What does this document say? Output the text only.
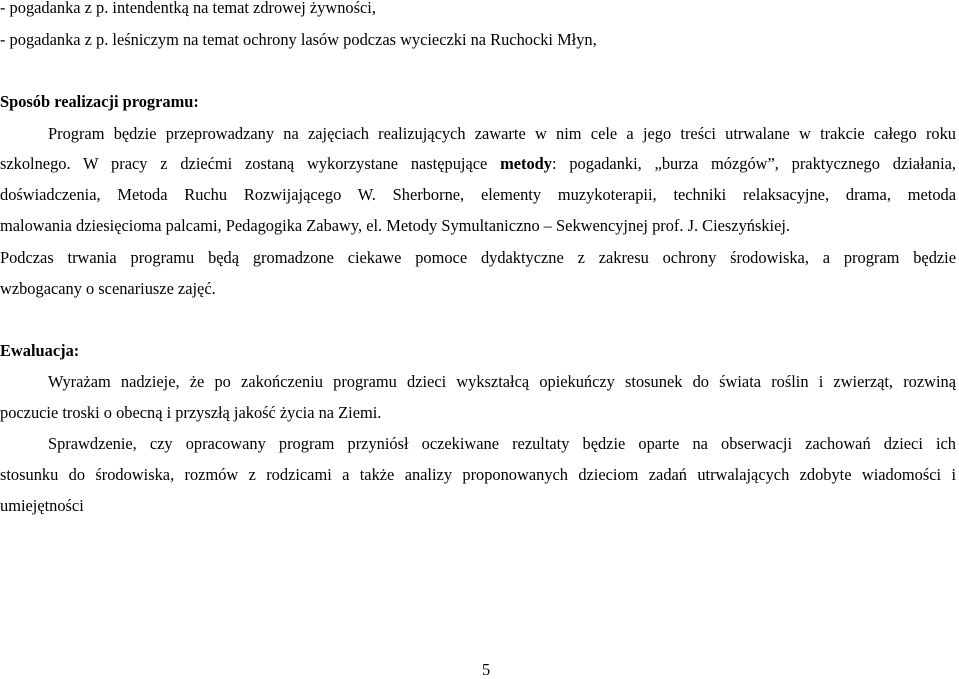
- pogadanka z p. intendentką na temat zdrowej żywności,
- pogadanka z p. leśniczym na temat ochrony lasów podczas wycieczki na Ruchocki Młyn,
Sposób realizacji programu:
Program będzie przeprowadzany na zajęciach realizujących zawarte w nim cele a jego treści utrwalane w trakcie całego roku
szkolnego. W pracy z dziećmi zostaną wykorzystane następujące metody: pogadanki, „burza mózgów”, praktycznego działania,
doświadczenia, Metoda Ruchu Rozwijającego W. Sherborne, elementy muzykoterapii, techniki relaksacyjne, drama, metoda
malowania dziesięcioma palcami, Pedagogika Zabawy, el. Metody Symultaniczno – Sekwencyjnej prof. J. Cieszyńskiej.
Podczas trwania programu będą gromadzone ciekawe pomoce dydaktyczne z zakresu ochrony środowiska, a program będzie
wzbogacany o scenariusze zajęć.
Ewaluacja:
Wyrażam nadzieje, że po zakończeniu programu dzieci wykształcą opiekuńczy stosunek do świata roślin i zwierząt, rozwiną
poczucie troski o obecną i przyszłą jakość życia na Ziemi.
Sprawdzenie, czy opracowany program przyniósł oczekiwane rezultaty będzie oparte na obserwacji zachowań dzieci ich
stosunku do środowiska, rozmów z rodzicami a także analizy proponowanych dzieciom zadań utrwalających zdobyte wiadomości i
umiejętności
5
